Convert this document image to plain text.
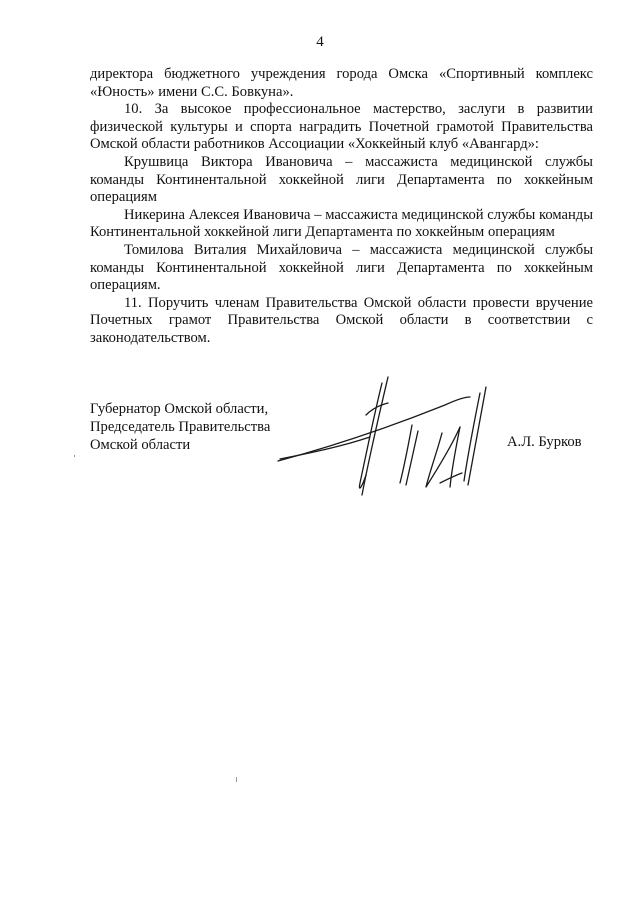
4

директора бюджетного учреждения города Омска «Спортивный комплекс «Юность» имени С.С. Бовкуна».

10. За высокое профессиональное мастерство, заслуги в развитии физической культуры и спорта наградить Почетной грамотой Правительства Омской области работников Ассоциации «Хоккейный клуб «Авангард»:

Крушвица Виктора Ивановича – массажиста медицинской службы команды Континентальной хоккейной лиги Департамента по хоккейным операциям

Никерина Алексея Ивановича – массажиста медицинской службы команды Континентальной хоккейной лиги Департамента по хоккейным операциям

Томилова Виталия Михайловича – массажиста медицинской службы команды Континентальной хоккейной лиги Департамента по хоккейным операциям.

11. Поручить членам Правительства Омской области провести вручение Почетных грамот Правительства Омской области в соответствии с законодательством.

Губернатор Омской области,
Председатель Правительства
Омской области	А.Л. Бурков
